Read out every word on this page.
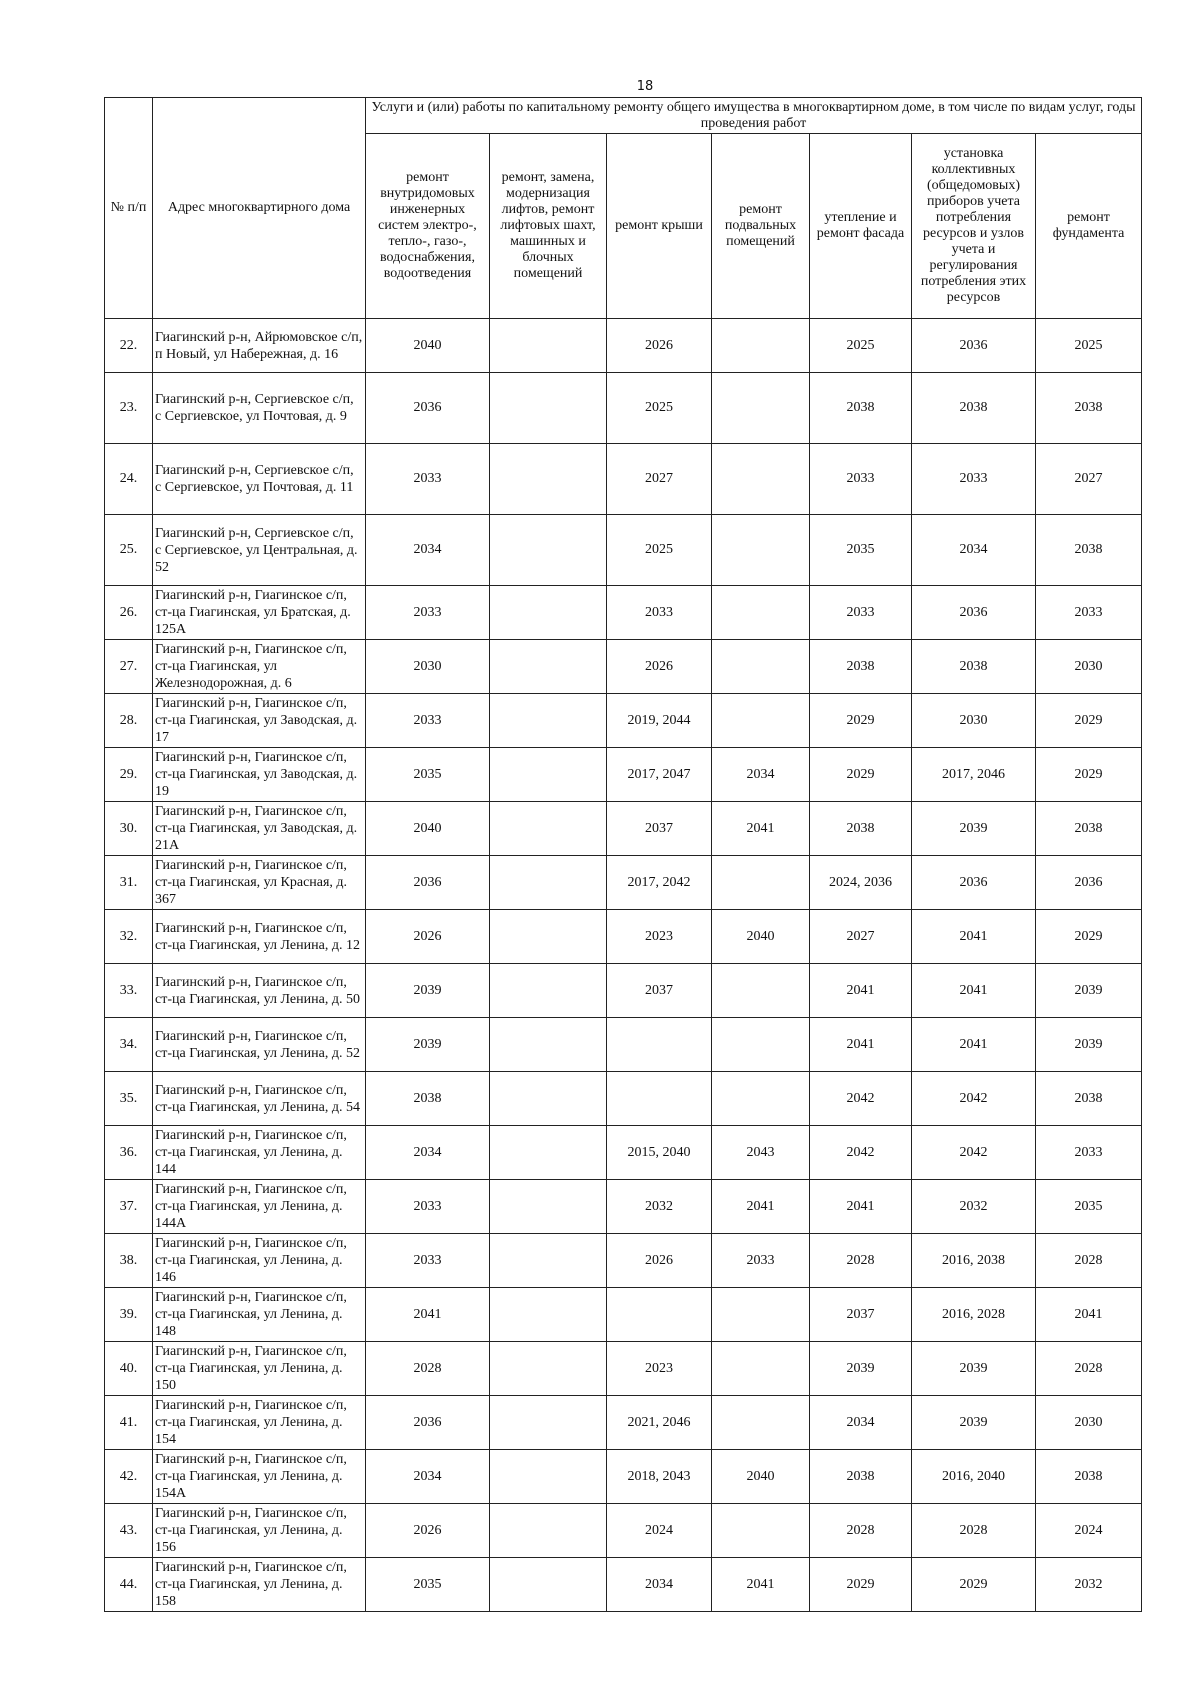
18
№ п/п	Адрес многоквартирного дома	Услуги и (или) работы по капитальному ремонту общего имущества в многоквартирном доме, в том числе по видам услуг, годы проведения работ						
		ремонт внутридомовых инженерных систем электро-, тепло-, газо-, водоснабжения, водоотведения	ремонт, замена, модернизация лифтов, ремонт лифтовых шахт, машинных и блочных помещений	ремонт крыши	ремонт подвальных помещений	утепление и ремонт фасада	установка коллективных (общедомовых) приборов учета потребления ресурсов и узлов учета и регулирования потребления этих ресурсов	ремонт фундамента
22.	Гиагинский р-н, Айрюмовское с/п, п Новый, ул Набережная, д. 16	2040		2026		2025	2036	2025
23.	Гиагинский р-н, Сергиевское с/п, с Сергиевское, ул Почтовая, д. 9	2036		2025		2038	2038	2038
24.	Гиагинский р-н, Сергиевское с/п, с Сергиевское, ул Почтовая, д. 11	2033		2027		2033	2033	2027
25.	Гиагинский р-н, Сергиевское с/п, с Сергиевское, ул Центральная, д. 52	2034		2025		2035	2034	2038
26.	Гиагинский р-н, Гиагинское с/п, ст-ца Гиагинская, ул Братская, д. 125А	2033		2033		2033	2036	2033
27.	Гиагинский р-н, Гиагинское с/п, ст-ца Гиагинская, ул Железнодорожная, д. 6	2030		2026		2038	2038	2030
28.	Гиагинский р-н, Гиагинское с/п, ст-ца Гиагинская, ул Заводская, д. 17	2033		2019, 2044		2029	2030	2029
29.	Гиагинский р-н, Гиагинское с/п, ст-ца Гиагинская, ул Заводская, д. 19	2035		2017, 2047	2034	2029	2017, 2046	2029
30.	Гиагинский р-н, Гиагинское с/п, ст-ца Гиагинская, ул Заводская, д. 21А	2040		2037	2041	2038	2039	2038
31.	Гиагинский р-н, Гиагинское с/п, ст-ца Гиагинская, ул Красная, д. 367	2036		2017, 2042		2024, 2036	2036	2036
32.	Гиагинский р-н, Гиагинское с/п, ст-ца Гиагинская, ул Ленина, д. 12	2026		2023	2040	2027	2041	2029
33.	Гиагинский р-н, Гиагинское с/п, ст-ца Гиагинская, ул Ленина, д. 50	2039		2037		2041	2041	2039
34.	Гиагинский р-н, Гиагинское с/п, ст-ца Гиагинская, ул Ленина, д. 52	2039				2041	2041	2039
35.	Гиагинский р-н, Гиагинское с/п, ст-ца Гиагинская, ул Ленина, д. 54	2038				2042	2042	2038
36.	Гиагинский р-н, Гиагинское с/п, ст-ца Гиагинская, ул Ленина, д. 144	2034		2015, 2040	2043	2042	2042	2033
37.	Гиагинский р-н, Гиагинское с/п, ст-ца Гиагинская, ул Ленина, д. 144А	2033		2032	2041	2041	2032	2035
38.	Гиагинский р-н, Гиагинское с/п, ст-ца Гиагинская, ул Ленина, д. 146	2033		2026	2033	2028	2016, 2038	2028
39.	Гиагинский р-н, Гиагинское с/п, ст-ца Гиагинская, ул Ленина, д. 148	2041				2037	2016, 2028	2041
40.	Гиагинский р-н, Гиагинское с/п, ст-ца Гиагинская, ул Ленина, д. 150	2028		2023		2039	2039	2028
41.	Гиагинский р-н, Гиагинское с/п, ст-ца Гиагинская, ул Ленина, д. 154	2036		2021, 2046		2034	2039	2030
42.	Гиагинский р-н, Гиагинское с/п, ст-ца Гиагинская, ул Ленина, д. 154А	2034		2018, 2043	2040	2038	2016, 2040	2038
43.	Гиагинский р-н, Гиагинское с/п, ст-ца Гиагинская, ул Ленина, д. 156	2026		2024		2028	2028	2024
44.	Гиагинский р-н, Гиагинское с/п, ст-ца Гиагинская, ул Ленина, д. 158	2035		2034	2041	2029	2029	2032
